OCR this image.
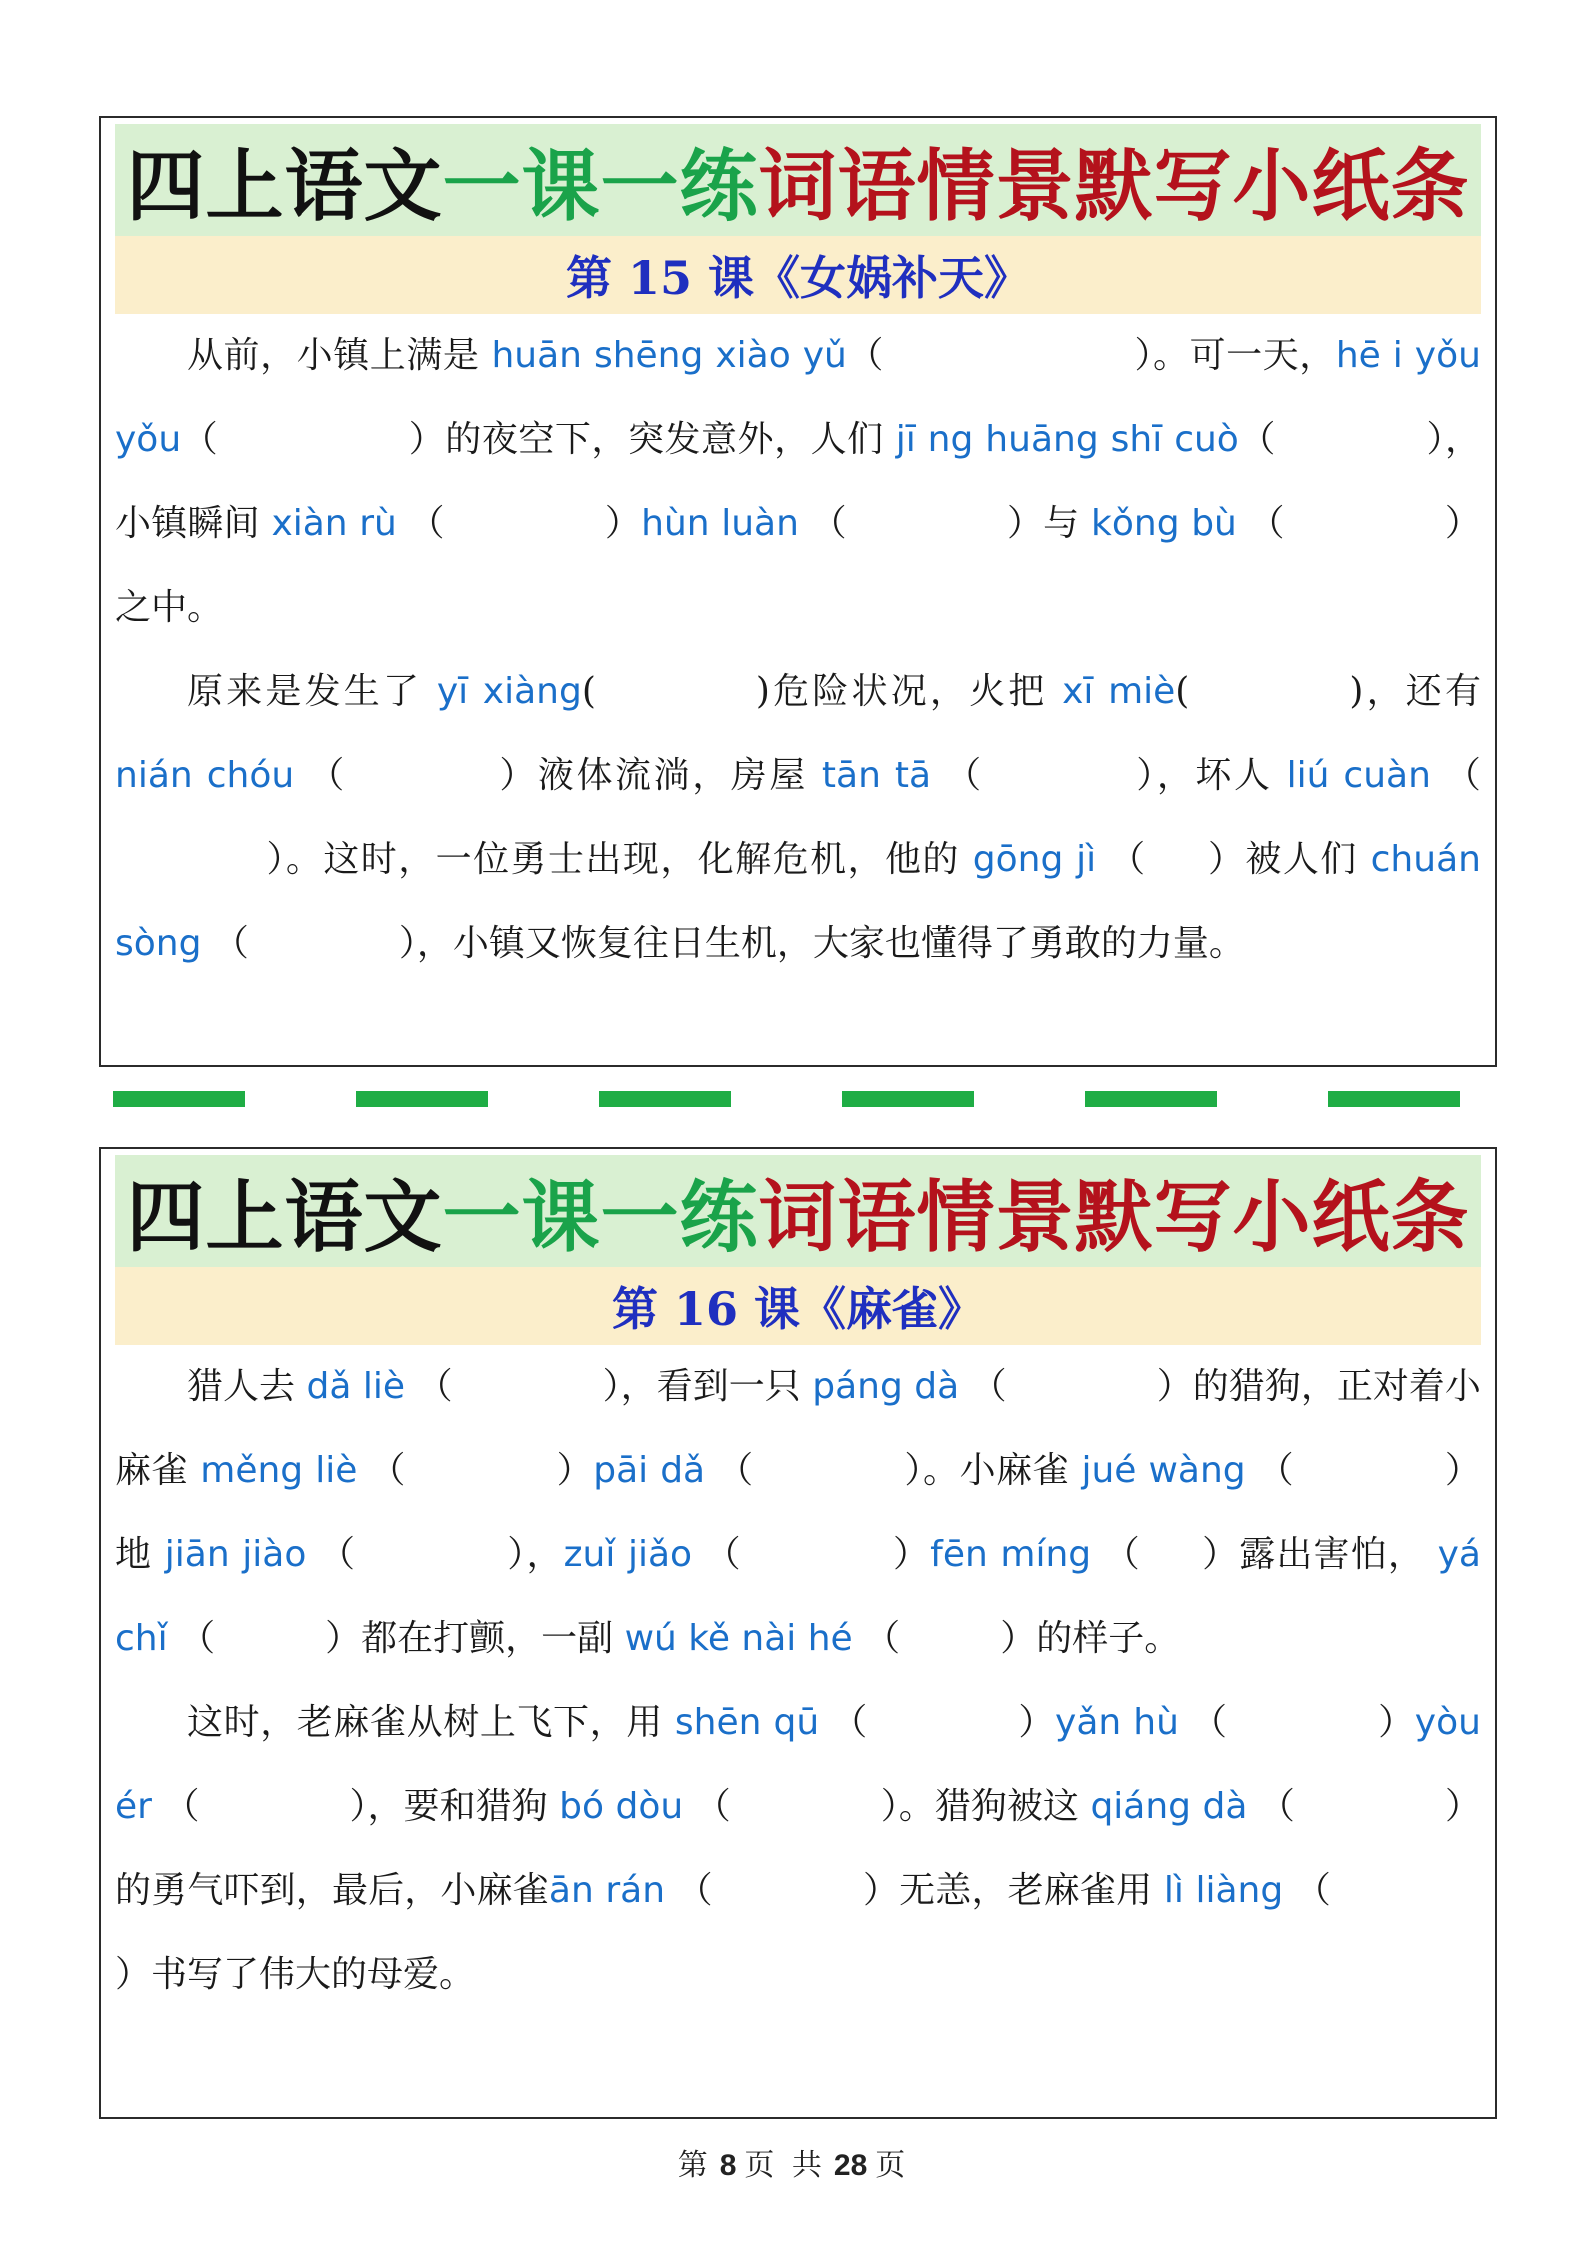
四上语文 一课一练 词语情景默写小纸条
第 15 课《女娲补天》

从前，小镇上满是 huān shēng xiào yǔ（	）。可一天，hē i yǒu yǒu（	）的夜空下，突发意外，人们 jī ng huāng shī cuò（	），小镇瞬间 xiàn rù （	）hùn luàn （	）与 kǒng bù （	）之中。

原来是发生了 yī xiàng(	)危险状况，火把 xī miè(	)，还有 nián chóu （	）液体流淌，房屋 tān tā （	），坏人 liú cuàn （）。这时，一位勇士出现，化解危机，他的 gōng jì （ ）被人们 chuán sòng （	），小镇又恢复往日生机，大家也懂得了勇敢的力量。

四上语文 一课一练 词语情景默写小纸条
第 16 课《麻雀》

猎人去 dǎ liè （	），看到一只 páng dà （	）的猎狗，正对着小麻雀 měng liè （	）pāi dǎ （	）。小麻雀 jué wàng （	）地 jiān jiào （	），zuǐ jiǎo （	）fēn míng （ ）露出害怕， yá chǐ （	）都在打颤，一副 wú kě nài hé （	）的样子。

这时，老麻雀从树上飞下，用 shēn qū （	）yǎn hù （	）yòu ér （	），要和猎狗 bó dòu （	）。猎狗被这 qiáng dà （	）的勇气吓到，最后，小麻雀ān rán （	）无恙，老麻雀用 lì liàng （）书写了伟大的母爱。

第 8 页 共 28 页
